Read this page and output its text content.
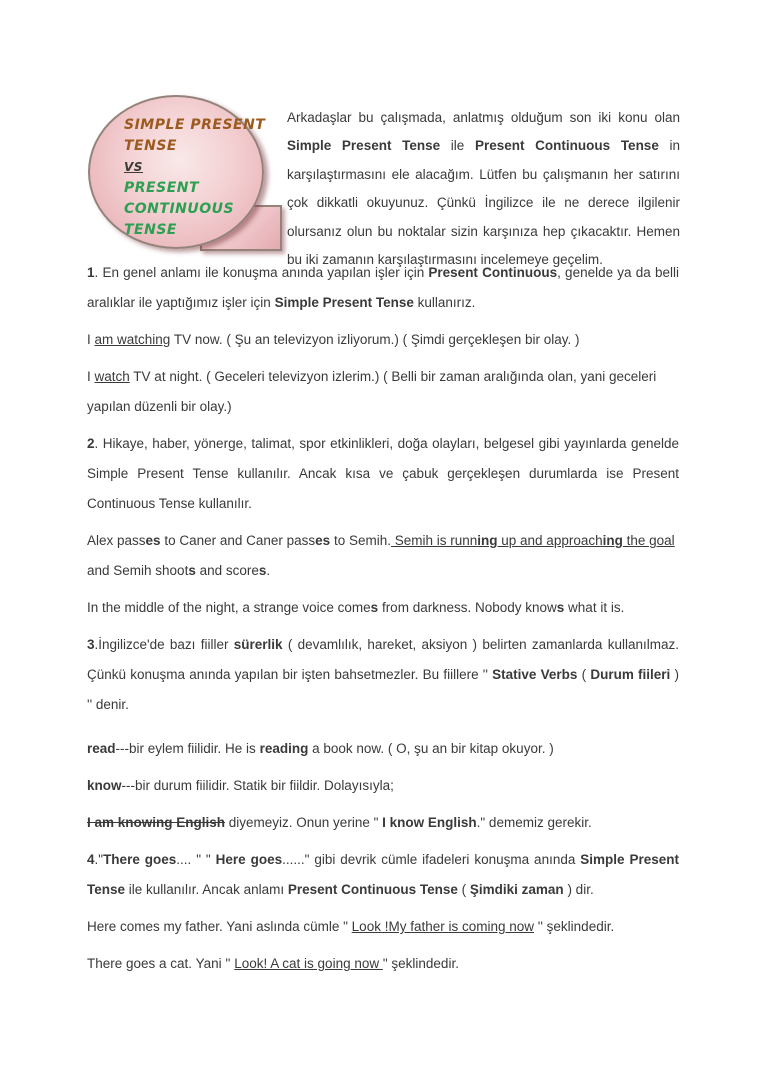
SIMPLE PRESENT
TENSE
VS
PRESENT
CONTINUOUS
TENSE

Arkadaşlar bu çalışmada, anlatmış olduğum son iki konu olan Simple Present Tense ile Present Continuous Tense in karşılaştırmasını ele alacağım. Lütfen bu çalışmanın her satırını çok dikkatli okuyunuz. Çünkü İngilizce ile ne derece ilgilenir olursanız olun bu noktalar sizin karşınıza hep çıkacaktır. Hemen bu iki zamanın karşılaştırmasını incelemeye geçelim.

1. En genel anlamı ile konuşma anında yapılan işler için Present Continuous, genelde ya da belli aralıklar ile yaptığımız işler için Simple Present Tense kullanırız.

I am watching TV now. ( Şu an televizyon izliyorum.) ( Şimdi gerçekleşen bir olay. )

I watch TV at night. ( Geceleri televizyon izlerim.) ( Belli bir zaman aralığında olan, yani geceleri yapılan düzenli bir olay.)

2. Hikaye, haber, yönerge, talimat, spor etkinlikleri, doğa olayları, belgesel gibi yayınlarda genelde Simple Present Tense kullanılır. Ancak kısa ve çabuk gerçekleşen durumlarda ise Present Continuous Tense kullanılır.

Alex passes to Caner and Caner passes to Semih. Semih is running up and approaching the goal and Semih shoots and scores.

In the middle of the night, a strange voice comes from darkness. Nobody knows what it is.

3.İngilizce'de bazı fiiller sürerlik ( devamlılık, hareket, aksiyon ) belirten zamanlarda kullanılmaz. Çünkü konuşma anında yapılan bir işten bahsetmezler. Bu fiillere '' Stative Verbs ( Durum fiileri ) '' denir.

read---bir eylem fiilidir. He is reading a book now. ( O, şu an bir kitap okuyor. )

know---bir durum fiilidir. Statik bir fiildir. Dolayısıyla;

I am knowing English diyemeyiz. Onun yerine " I know English." dememiz gerekir.

4."There goes.... " " Here goes......" gibi devrik cümle ifadeleri konuşma anında Simple Present Tense ile kullanılır. Ancak anlamı Present Continuous Tense ( Şimdiki zaman ) dir.

Here comes my father. Yani aslında cümle " Look !My father is coming now '' şeklindedir.

There goes a cat. Yani '' Look! A cat is going now " şeklindedir.
